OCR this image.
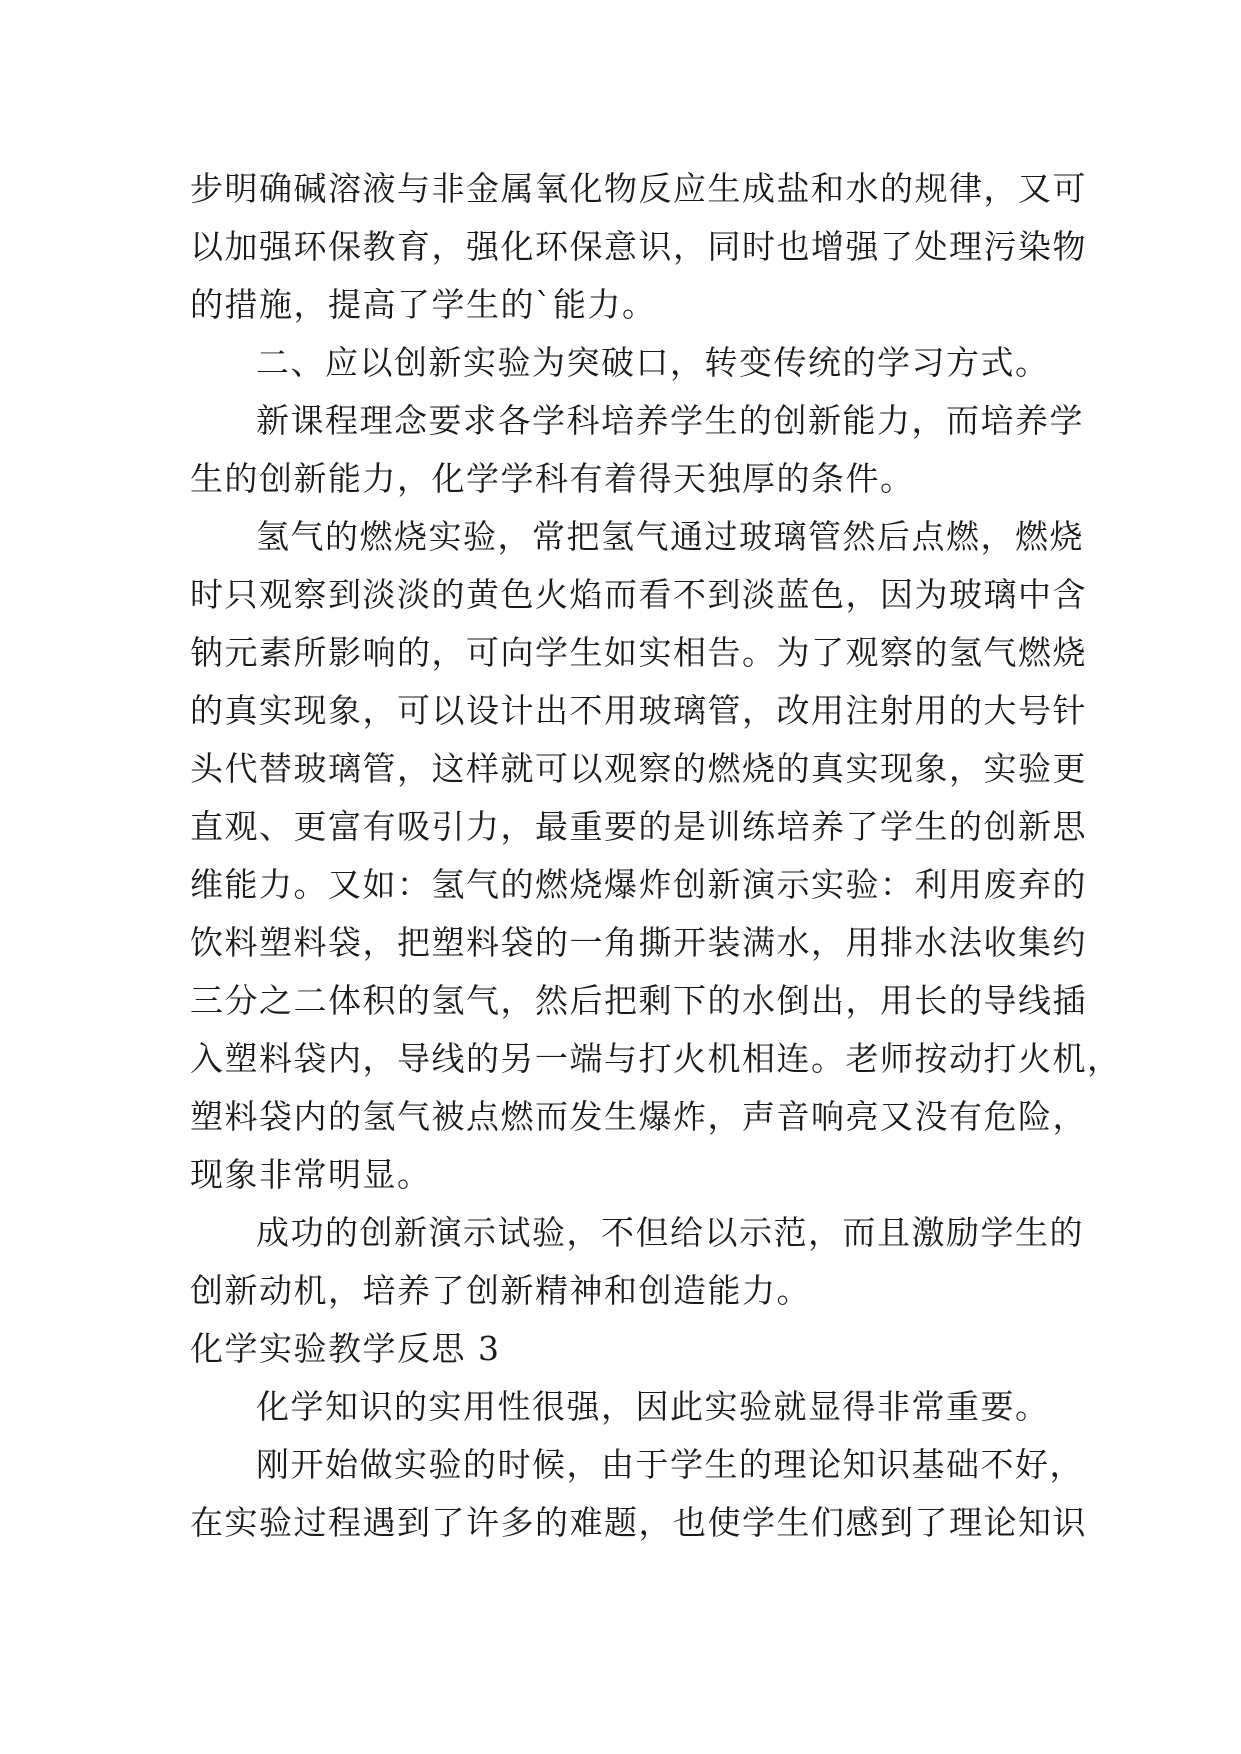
步明确碱溶液与非金属氧化物反应生成盐和水的规律，又可
以加强环保教育，强化环保意识，同时也增强了处理污染物
的措施，提高了学生的`能力。
二、应以创新实验为突破口，转变传统的学习方式。
新课程理念要求各学科培养学生的创新能力，而培养学
生的创新能力，化学学科有着得天独厚的条件。
氢气的燃烧实验，常把氢气通过玻璃管然后点燃，燃烧
时只观察到淡淡的黄色火焰而看不到淡蓝色，因为玻璃中含
钠元素所影响的，可向学生如实相告。为了观察的氢气燃烧
的真实现象，可以设计出不用玻璃管，改用注射用的大号针
头代替玻璃管，这样就可以观察的燃烧的真实现象，实验更
直观、更富有吸引力，最重要的是训练培养了学生的创新思
维能力。又如：氢气的燃烧爆炸创新演示实验：利用废弃的
饮料塑料袋，把塑料袋的一角撕开装满水，用排水法收集约
三分之二体积的氢气，然后把剩下的水倒出，用长的导线插
入塑料袋内，导线的另一端与打火机相连。老师按动打火机，
塑料袋内的氢气被点燃而发生爆炸，声音响亮又没有危险，
现象非常明显。
成功的创新演示试验，不但给以示范，而且激励学生的
创新动机，培养了创新精神和创造能力。
化学实验教学反思 3
化学知识的实用性很强，因此实验就显得非常重要。
刚开始做实验的时候，由于学生的理论知识基础不好，
在实验过程遇到了许多的难题，也使学生们感到了理论知识
